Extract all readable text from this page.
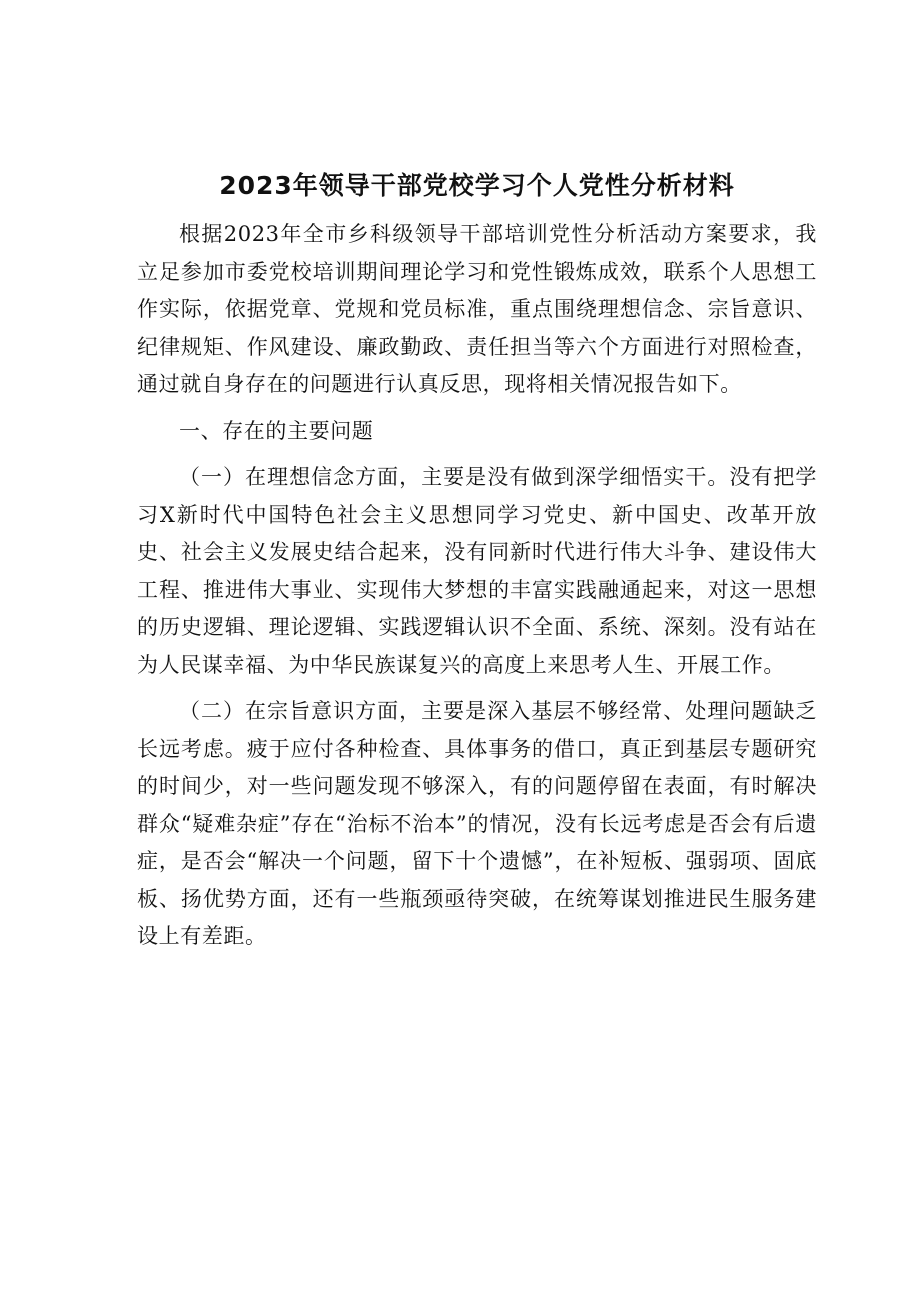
2023年领导干部党校学习个人党性分析材料

根据2023年全市乡科级领导干部培训党性分析活动方案要求，我立足参加市委党校培训期间理论学习和党性锻炼成效，联系个人思想工作实际，依据党章、党规和党员标准，重点围绕理想信念、宗旨意识、纪律规矩、作风建设、廉政勤政、责任担当等六个方面进行对照检查，通过就自身存在的问题进行认真反思，现将相关情况报告如下。

一、存在的主要问题

（一）在理想信念方面，主要是没有做到深学细悟实干。没有把学习X新时代中国特色社会主义思想同学习党史、新中国史、改革开放史、社会主义发展史结合起来，没有同新时代进行伟大斗争、建设伟大工程、推进伟大事业、实现伟大梦想的丰富实践融通起来，对这一思想的历史逻辑、理论逻辑、实践逻辑认识不全面、系统、深刻。没有站在为人民谋幸福、为中华民族谋复兴的高度上来思考人生、开展工作。

（二）在宗旨意识方面，主要是深入基层不够经常、处理问题缺乏长远考虑。疲于应付各种检查、具体事务的借口，真正到基层专题研究的时间少，对一些问题发现不够深入，有的问题停留在表面，有时解决群众“疑难杂症”存在“治标不治本”的情况，没有长远考虑是否会有后遗症，是否会“解决一个问题，留下十个遗憾”，在补短板、强弱项、固底板、扬优势方面，还有一些瓶颈亟待突破，在统筹谋划推进民生服务建设上有差距。
